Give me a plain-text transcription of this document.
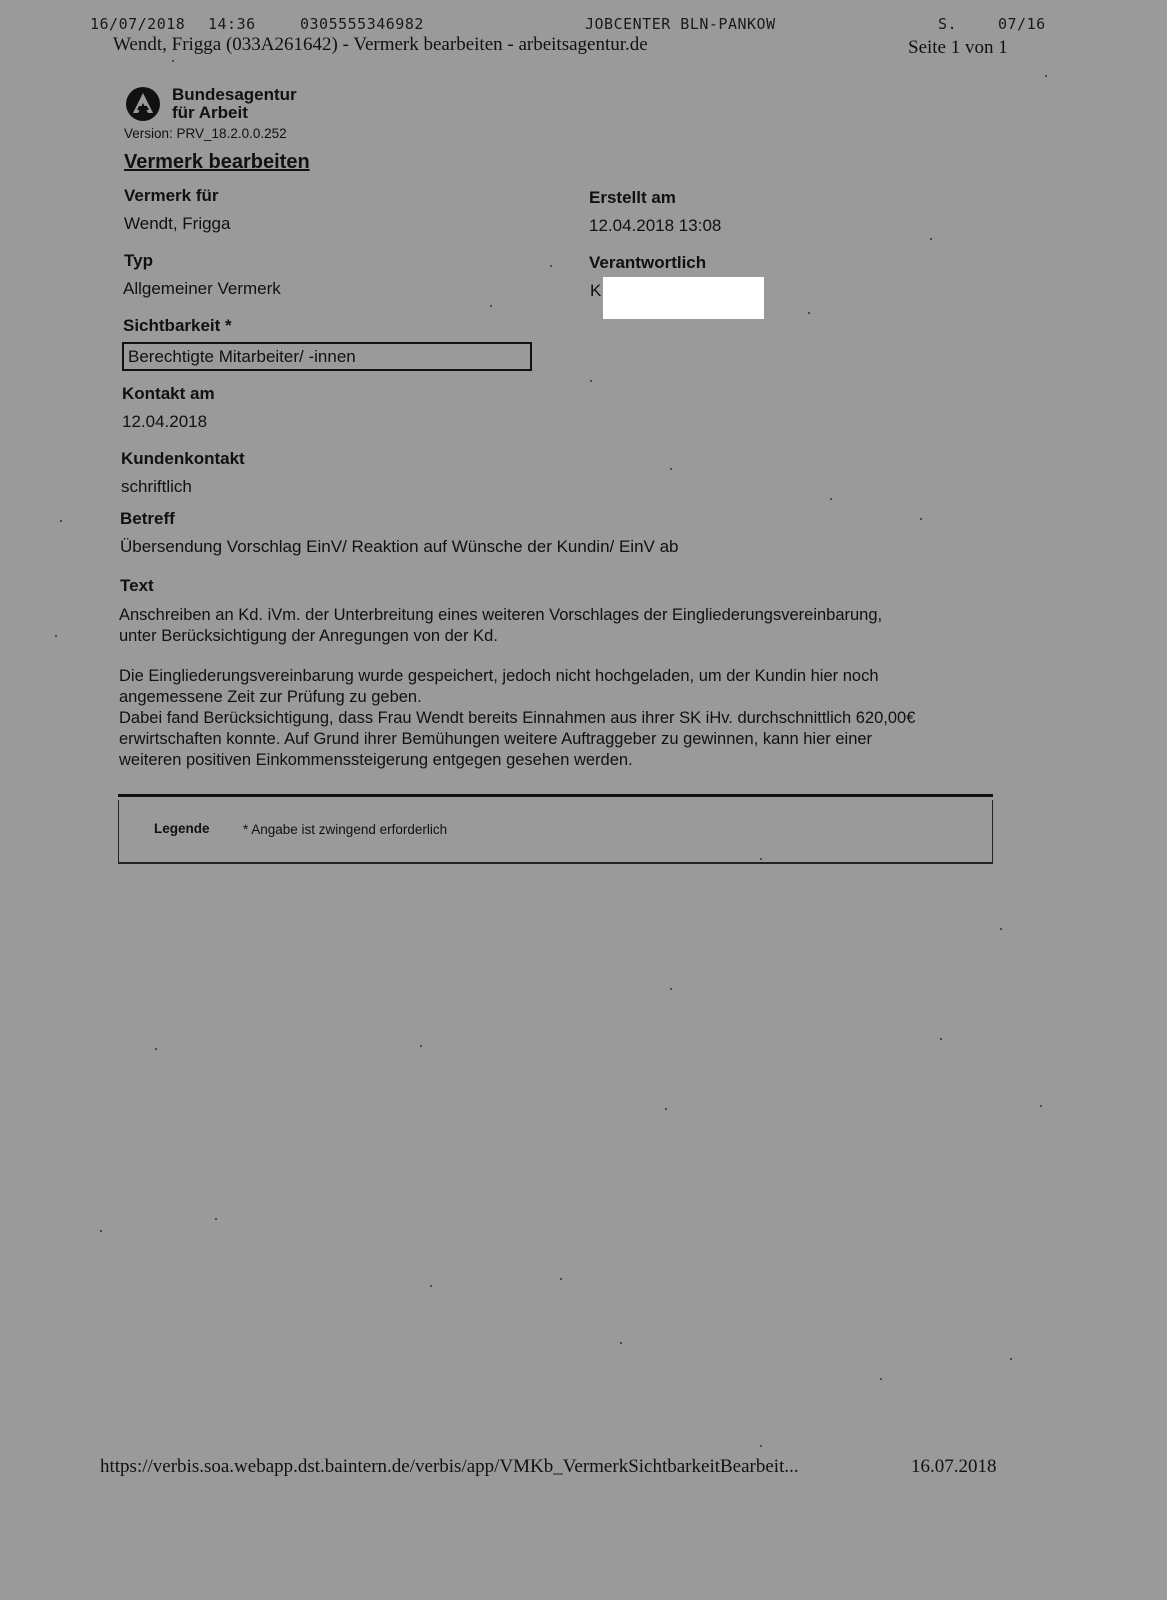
16/07/2018 14:36	0305555346982	JOBCENTER BLN-PANKOW	S.	07/16
Wendt, Frigga (033A261642) - Vermerk bearbeiten - arbeitsagentur.de	Seite 1 von 1
Bundesagentur
für Arbeit
Version: PRV_18.2.0.0.252
Vermerk bearbeiten
Vermerk für
Wendt, Frigga
Typ
Allgemeiner Vermerk
Sichtbarkeit *
Berechtigte Mitarbeiter/ -innen
Kontakt am
12.04.2018
Kundenkontakt
schriftlich
Betreff
Übersendung Vorschlag EinV/ Reaktion auf Wünsche der Kundin/ EinV ab
Text
Anschreiben an Kd. iVm. der Unterbreitung eines weiteren Vorschlages der Eingliederungsvereinbarung,
unter Berücksichtigung der Anregungen von der Kd.
Die Eingliederungsvereinbarung wurde gespeichert, jedoch nicht hochgeladen, um der Kundin hier noch
angemessene Zeit zur Prüfung zu geben.
Dabei fand Berücksichtigung, dass Frau Wendt bereits Einnahmen aus ihrer SK iHv. durchschnittlich 620,00€
erwirtschaften konnte. Auf Grund ihrer Bemühungen weitere Auftraggeber zu gewinnen, kann hier einer
weiteren positiven Einkommenssteigerung entgegen gesehen werden.
Erstellt am
12.04.2018 13:08
Verantwortlich
K
Legende * Angabe ist zwingend erforderlich
https://verbis.soa.webapp.dst.baintern.de/verbis/app/VMKb_VermerkSichtbarkeitBearbeit...	16.07.2018
